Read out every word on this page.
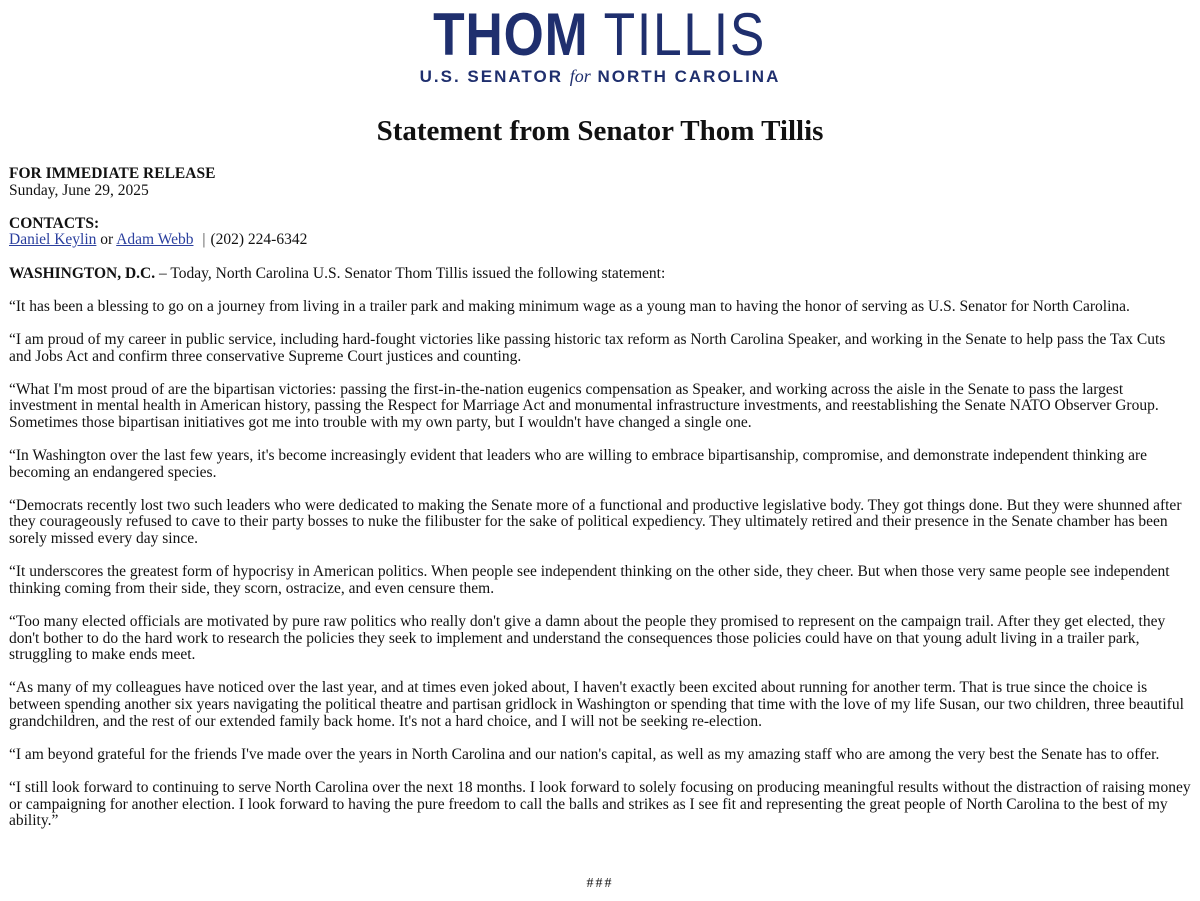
THOM TILLIS
U.S. SENATOR for NORTH CAROLINA
Statement from Senator Thom Tillis

FOR IMMEDIATE RELEASE
Sunday, June 29, 2025

CONTACTS:
Daniel Keylin or Adam Webb | (202) 224-6342

WASHINGTON, D.C. – Today, North Carolina U.S. Senator Thom Tillis issued the following statement:

“It has been a blessing to go on a journey from living in a trailer park and making minimum wage as a young man to having the honor of serving as U.S. Senator for North Carolina.

“I am proud of my career in public service, including hard-fought victories like passing historic tax reform as North Carolina Speaker, and working in the Senate to help pass the Tax Cuts and Jobs Act and confirm three conservative Supreme Court justices and counting.

“What I'm most proud of are the bipartisan victories: passing the first-in-the-nation eugenics compensation as Speaker, and working across the aisle in the Senate to pass the largest investment in mental health in American history, passing the Respect for Marriage Act and monumental infrastructure investments, and reestablishing the Senate NATO Observer Group. Sometimes those bipartisan initiatives got me into trouble with my own party, but I wouldn't have changed a single one.

“In Washington over the last few years, it's become increasingly evident that leaders who are willing to embrace bipartisanship, compromise, and demonstrate independent thinking are becoming an endangered species.

“Democrats recently lost two such leaders who were dedicated to making the Senate more of a functional and productive legislative body. They got things done. But they were shunned after they courageously refused to cave to their party bosses to nuke the filibuster for the sake of political expediency. They ultimately retired and their presence in the Senate chamber has been sorely missed every day since.

“It underscores the greatest form of hypocrisy in American politics. When people see independent thinking on the other side, they cheer. But when those very same people see independent thinking coming from their side, they scorn, ostracize, and even censure them.

“Too many elected officials are motivated by pure raw politics who really don't give a damn about the people they promised to represent on the campaign trail. After they get elected, they don't bother to do the hard work to research the policies they seek to implement and understand the consequences those policies could have on that young adult living in a trailer park, struggling to make ends meet.

“As many of my colleagues have noticed over the last year, and at times even joked about, I haven't exactly been excited about running for another term. That is true since the choice is between spending another six years navigating the political theatre and partisan gridlock in Washington or spending that time with the love of my life Susan, our two children, three beautiful grandchildren, and the rest of our extended family back home. It's not a hard choice, and I will not be seeking re-election.

“I am beyond grateful for the friends I've made over the years in North Carolina and our nation's capital, as well as my amazing staff who are among the very best the Senate has to offer.

“I still look forward to continuing to serve North Carolina over the next 18 months. I look forward to solely focusing on producing meaningful results without the distraction of raising money or campaigning for another election. I look forward to having the pure freedom to call the balls and strikes as I see fit and representing the great people of North Carolina to the best of my ability.”

###
